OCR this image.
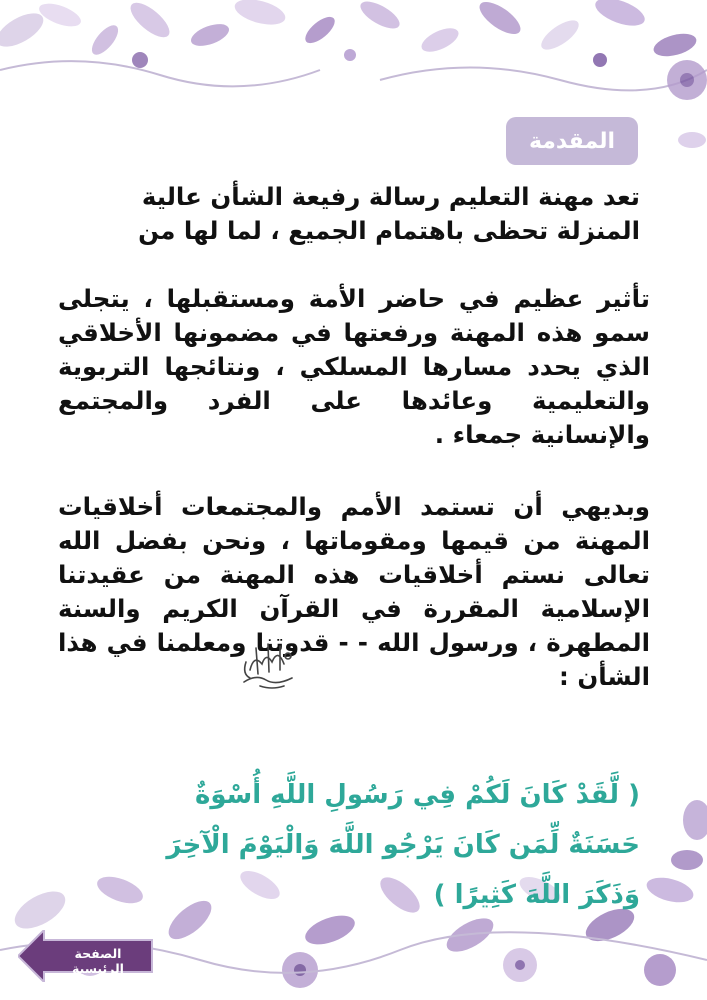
المقدمة
تعد مهنة التعليم رسالة رفيعة الشأن عالية المنزلة تحظى باهتمام الجميع ، لما لها من
تأثير عظيم في حاضر الأمة ومستقبلها ، يتجلى سمو هذه المهنة ورفعتها في مضمونها الأخلاقي الذي يحدد مسارها المسلكي ، ونتائجها التربوية والتعليمية وعائدها على الفرد والمجتمع والإنسانية جمعاء .
وبديهي أن تستمد الأمم والمجتمعات أخلاقيات المهنة من قيمها ومقوماتها ، ونحن بفضل الله تعالى نستم أخلاقيات هذه المهنة من عقيدتنا الإسلامية المقررة في القرآن الكريم والسنة المطهرة ، ورسول الله - - قدوتنا ومعلمنا في هذا الشأن :
( لَّقَدْ كَانَ لَكُمْ فِي رَسُولِ اللَّهِ أُسْوَةٌ حَسَنَةٌ لِّمَن كَانَ يَرْجُو اللَّهَ وَالْيَوْمَ الْآخِرَ وَذَكَرَ اللَّهَ كَثِيرًا )
الصفحة الرئيسية
